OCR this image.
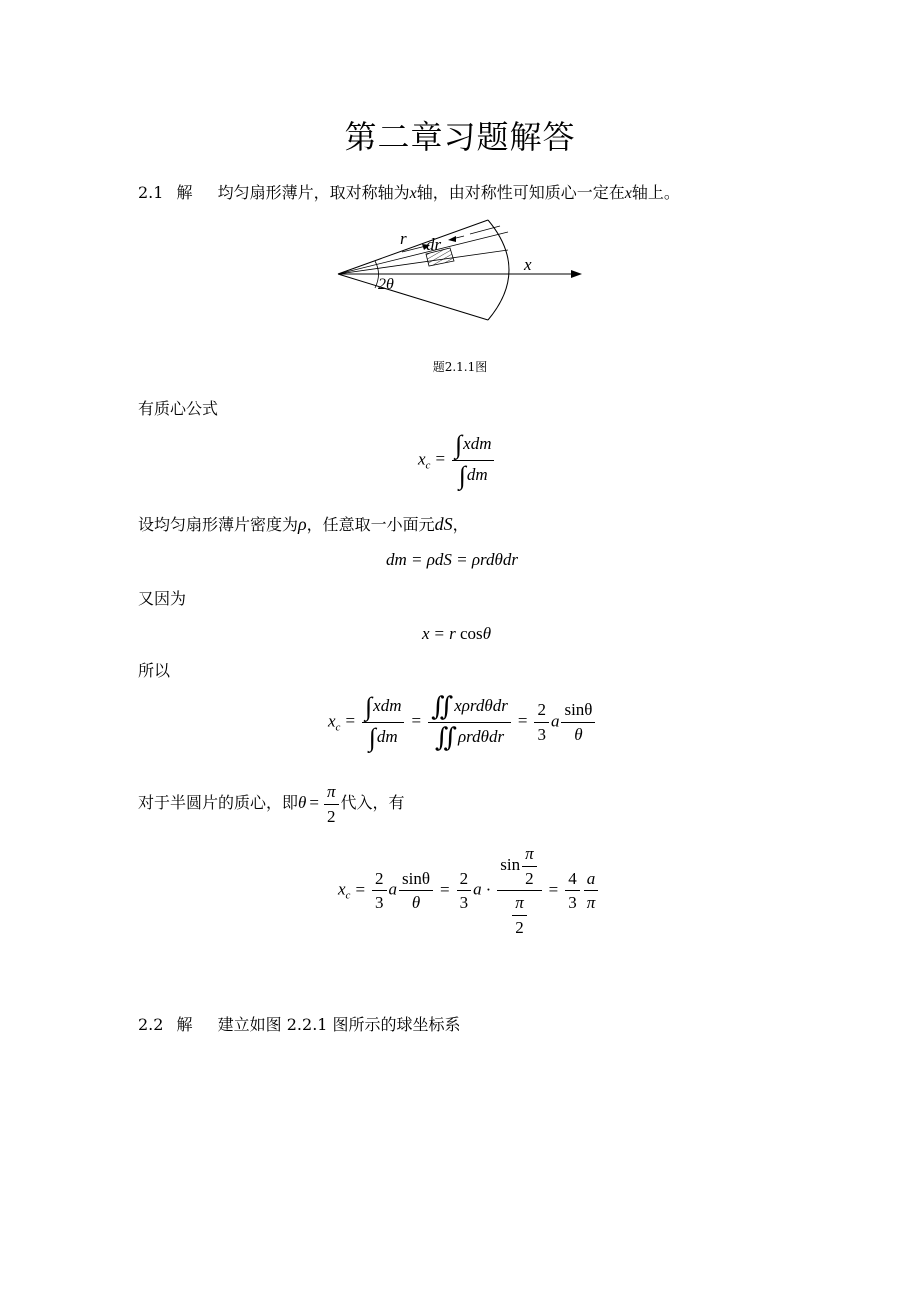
第二章习题解答
2.1 解 均匀扇形薄片，取对称轴为x轴，由对称性可知质心一定在x轴上。
r dr
x
2θ
题2.1.1图
有质心公式
$x_c = \frac{\text{∫xdm}}{\int dm}$
设均匀扇形薄片密度为ρ，任意取一小面元dS，
dm = ρdS = ρrdθdr
又因为
x = r cosθ
所以
$x_c = \frac{\text{∫xdm}}{\int dm} = \frac{\text{∬xρrdθdr}}{\text{∬ρrdθdr}} = \frac{2}{3}$ a $\frac{\sin\theta}{\theta}$
对于半圆片的质心，即$\theta = \frac{\pi}{2}$ 代入，有
$x_c = \frac{2}{3}$ a $\frac{\sin\theta}{\theta} = \frac{2}{3}$ $a \cdot \frac{\sin \frac{\pi}{2}}{\frac{\pi}{2}} = \frac{4}{3} \frac{a}{\pi}$
2.2 解 建立如图 2.2.1 图所示的球坐标系
